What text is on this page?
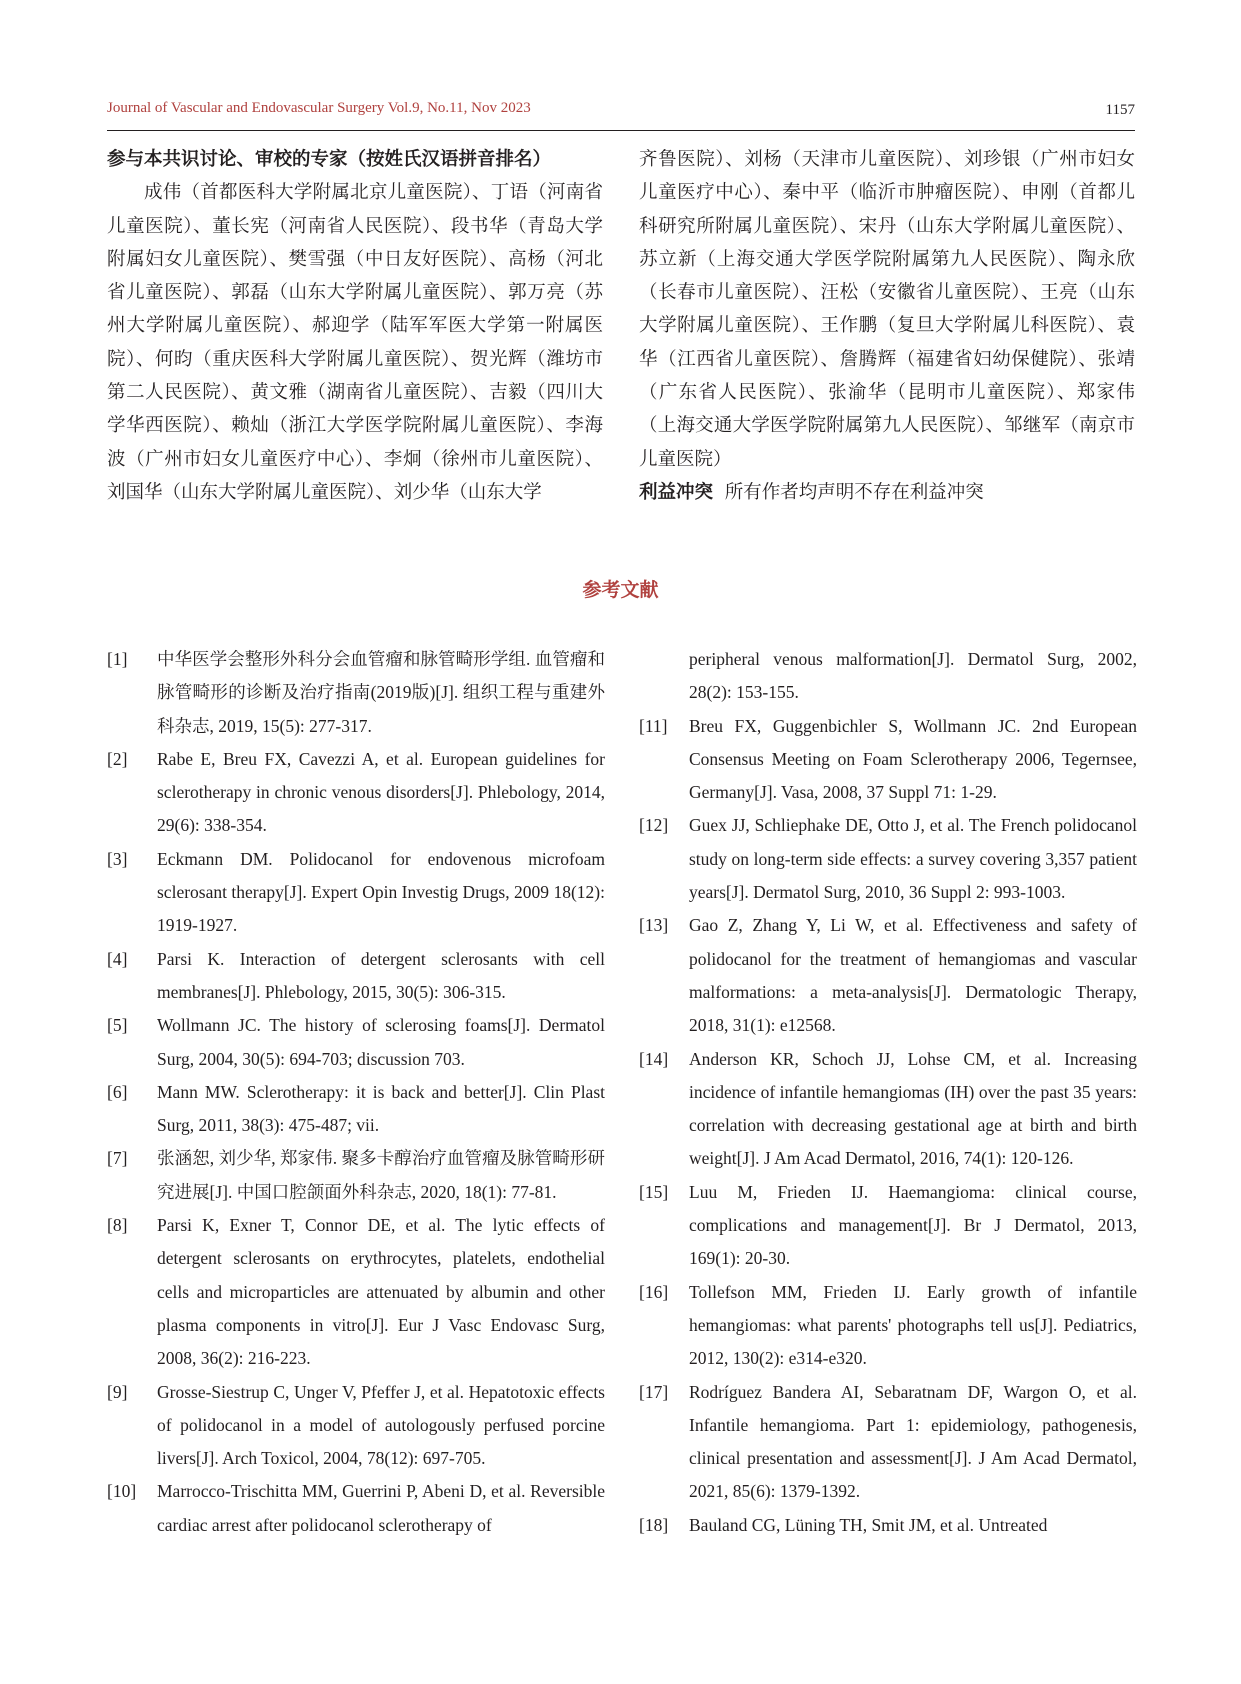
Journal of Vascular and Endovascular Surgery Vol.9, No.11, Nov 2023	1157
参与本共识讨论、审校的专家（按姓氏汉语拼音排名）

成伟（首都医科大学附属北京儿童医院）、丁语（河南省儿童医院）、董长宪（河南省人民医院）、段书华（青岛大学附属妇女儿童医院）、樊雪强（中日友好医院）、高杨（河北省儿童医院）、郭磊（山东大学附属儿童医院）、郭万亮（苏州大学附属儿童医院）、郝迎学（陆军军医大学第一附属医院）、何昀（重庆医科大学附属儿童医院）、贺光辉（潍坊市第二人民医院）、黄文雅（湖南省儿童医院）、吉毅（四川大学华西医院）、赖灿（浙江大学医学院附属儿童医院）、李海波（广州市妇女儿童医疗中心）、李炯（徐州市儿童医院）、刘国华（山东大学附属儿童医院）、刘少华（山东大学

齐鲁医院）、刘杨（天津市儿童医院）、刘珍银（广州市妇女儿童医疗中心）、秦中平（临沂市肿瘤医院）、申刚（首都儿科研究所附属儿童医院）、宋丹（山东大学附属儿童医院）、苏立新（上海交通大学医学院附属第九人民医院）、陶永欣（长春市儿童医院）、汪松（安徽省儿童医院）、王亮（山东大学附属儿童医院）、王作鹏（复旦大学附属儿科医院）、袁华（江西省儿童医院）、詹腾辉（福建省妇幼保健院）、张靖（广东省人民医院）、张渝华（昆明市儿童医院）、郑家伟（上海交通大学医学院附属第九人民医院）、邹继军（南京市儿童医院）

利益冲突 所有作者均声明不存在利益冲突

参考文献
[1]	中华医学会整形外科分会血管瘤和脉管畸形学组. 血管瘤和脉管畸形的诊断及治疗指南(2019版)[J]. 组织工程与重建外科杂志, 2019, 15(5): 277-317.
[2]	Rabe E, Breu FX, Cavezzi A, et al. European guidelines for sclerotherapy in chronic venous disorders[J]. Phlebology, 2014, 29(6): 338-354.
[3]	Eckmann DM. Polidocanol for endovenous microfoam sclerosant therapy[J]. Expert Opin Investig Drugs, 2009 18(12): 1919-1927.
[4]	Parsi K. Interaction of detergent sclerosants with cell membranes[J]. Phlebology, 2015, 30(5): 306-315.
[5]	Wollmann JC. The history of sclerosing foams[J]. Dermatol Surg, 2004, 30(5): 694-703; discussion 703.
[6]	Mann MW. Sclerotherapy: it is back and better[J]. Clin Plast Surg, 2011, 38(3): 475-487; vii.
[7]	张涵恕, 刘少华, 郑家伟. 聚多卡醇治疗血管瘤及脉管畸形研究进展[J]. 中国口腔颌面外科杂志, 2020, 18(1): 77-81.
[8]	Parsi K, Exner T, Connor DE, et al. The lytic effects of detergent sclerosants on erythrocytes, platelets, endothelial cells and microparticles are attenuated by albumin and other plasma components in vitro[J]. Eur J Vasc Endovasc Surg, 2008, 36(2): 216-223.
[9]	Grosse-Siestrup C, Unger V, Pfeffer J, et al. Hepatotoxic effects of polidocanol in a model of autologously perfused porcine livers[J]. Arch Toxicol, 2004, 78(12): 697-705.
[10]	Marrocco-Trischitta MM, Guerrini P, Abeni D, et al. Reversible cardiac arrest after polidocanol sclerotherapy of
peripheral venous malformation[J]. Dermatol Surg, 2002, 28(2): 153-155.
[11]	Breu FX, Guggenbichler S, Wollmann JC. 2nd European Consensus Meeting on Foam Sclerotherapy 2006, Tegernsee, Germany[J]. Vasa, 2008, 37 Suppl 71: 1-29.
[12]	Guex JJ, Schliephake DE, Otto J, et al. The French polidocanol study on long-term side effects: a survey covering 3,357 patient years[J]. Dermatol Surg, 2010, 36 Suppl 2: 993-1003.
[13]	Gao Z, Zhang Y, Li W, et al. Effectiveness and safety of polidocanol for the treatment of hemangiomas and vascular malformations: a meta-analysis[J]. Dermatologic Therapy, 2018, 31(1): e12568.
[14]	Anderson KR, Schoch JJ, Lohse CM, et al. Increasing incidence of infantile hemangiomas (IH) over the past 35 years: correlation with decreasing gestational age at birth and birth weight[J]. J Am Acad Dermatol, 2016, 74(1): 120-126.
[15]	Luu M, Frieden IJ. Haemangioma: clinical course, complications and management[J]. Br J Dermatol, 2013, 169(1): 20-30.
[16]	Tollefson MM, Frieden IJ. Early growth of infantile hemangiomas: what parents' photographs tell us[J]. Pediatrics, 2012, 130(2): e314-e320.
[17]	Rodríguez Bandera AI, Sebaratnam DF, Wargon O, et al. Infantile hemangioma. Part 1: epidemiology, pathogenesis, clinical presentation and assessment[J]. J Am Acad Dermatol, 2021, 85(6): 1379-1392.
[18]	Bauland CG, Lüning TH, Smit JM, et al. Untreated
